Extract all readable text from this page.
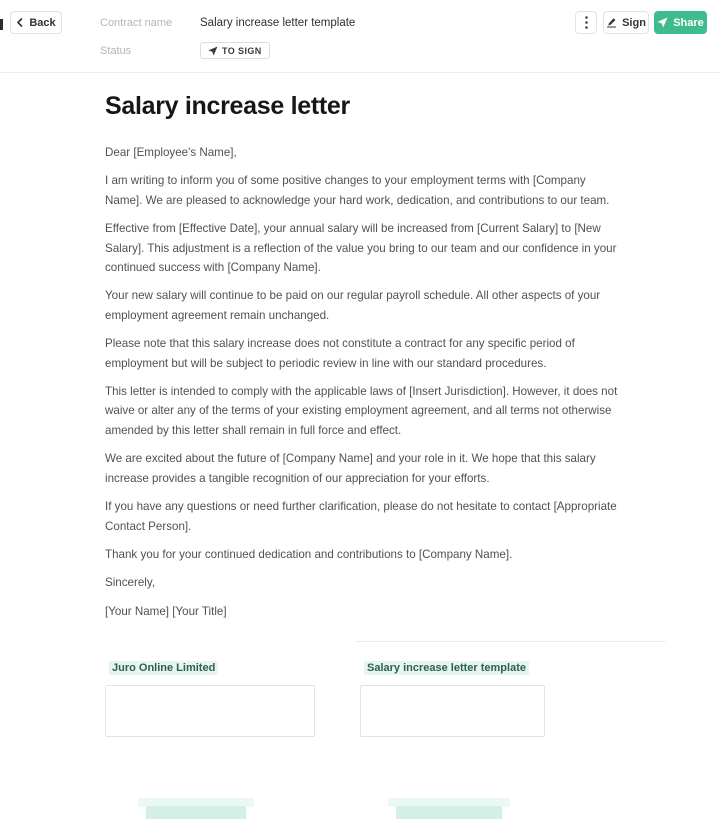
Back	Contract name Salary increase letter template
Status	TO SIGN
Sign Share
Salary increase letter

Dear [Employee's Name],

I am writing to inform you of some positive changes to your employment terms with [Company Name]. We are pleased to acknowledge your hard work, dedication, and contributions to our team.

Effective from [Effective Date], your annual salary will be increased from [Current Salary] to [New Salary]. This adjustment is a reflection of the value you bring to our team and our confidence in your continued success with [Company Name].

Your new salary will continue to be paid on our regular payroll schedule. All other aspects of your employment agreement remain unchanged.

Please note that this salary increase does not constitute a contract for any specific period of employment but will be subject to periodic review in line with our standard procedures.

This letter is intended to comply with the applicable laws of [Insert Jurisdiction]. However, it does not waive or alter any of the terms of your existing employment agreement, and all terms not otherwise amended by this letter shall remain in full force and effect.

We are excited about the future of [Company Name] and your role in it. We hope that this salary increase provides a tangible recognition of our appreciation for your efforts.

If you have any questions or need further clarification, please do not hesitate to contact [Appropriate Contact Person].

Thank you for your continued dedication and contributions to [Company Name].

Sincerely,

[Your Name] [Your Title]

Juro Online Limited	Salary increase letter template
